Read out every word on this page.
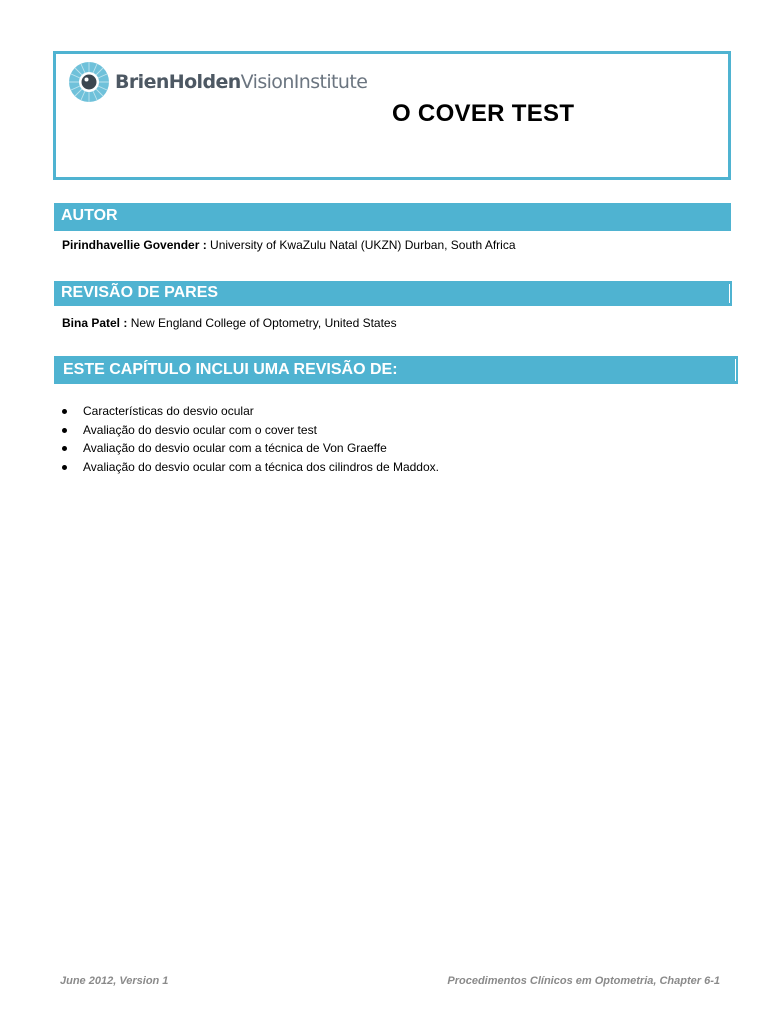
BrienHoldenVisionInstitute
O COVER TEST
AUTOR
Pirindhavellie Govender : University of KwaZulu Natal (UKZN) Durban, South Africa
REVISÃO DE PARES
Bina Patel : New England College of Optometry, United States
ESTE CAPÍTULO INCLUI UMA REVISÃO DE:
Características do desvio ocular
Avaliação do desvio ocular com o cover test
Avaliação do desvio ocular com a técnica de Von Graeffe
Avaliação do desvio ocular com a técnica dos cilindros de Maddox.
June 2012, Version 1	Procedimentos Clínicos em Optometria, Chapter 6-1
